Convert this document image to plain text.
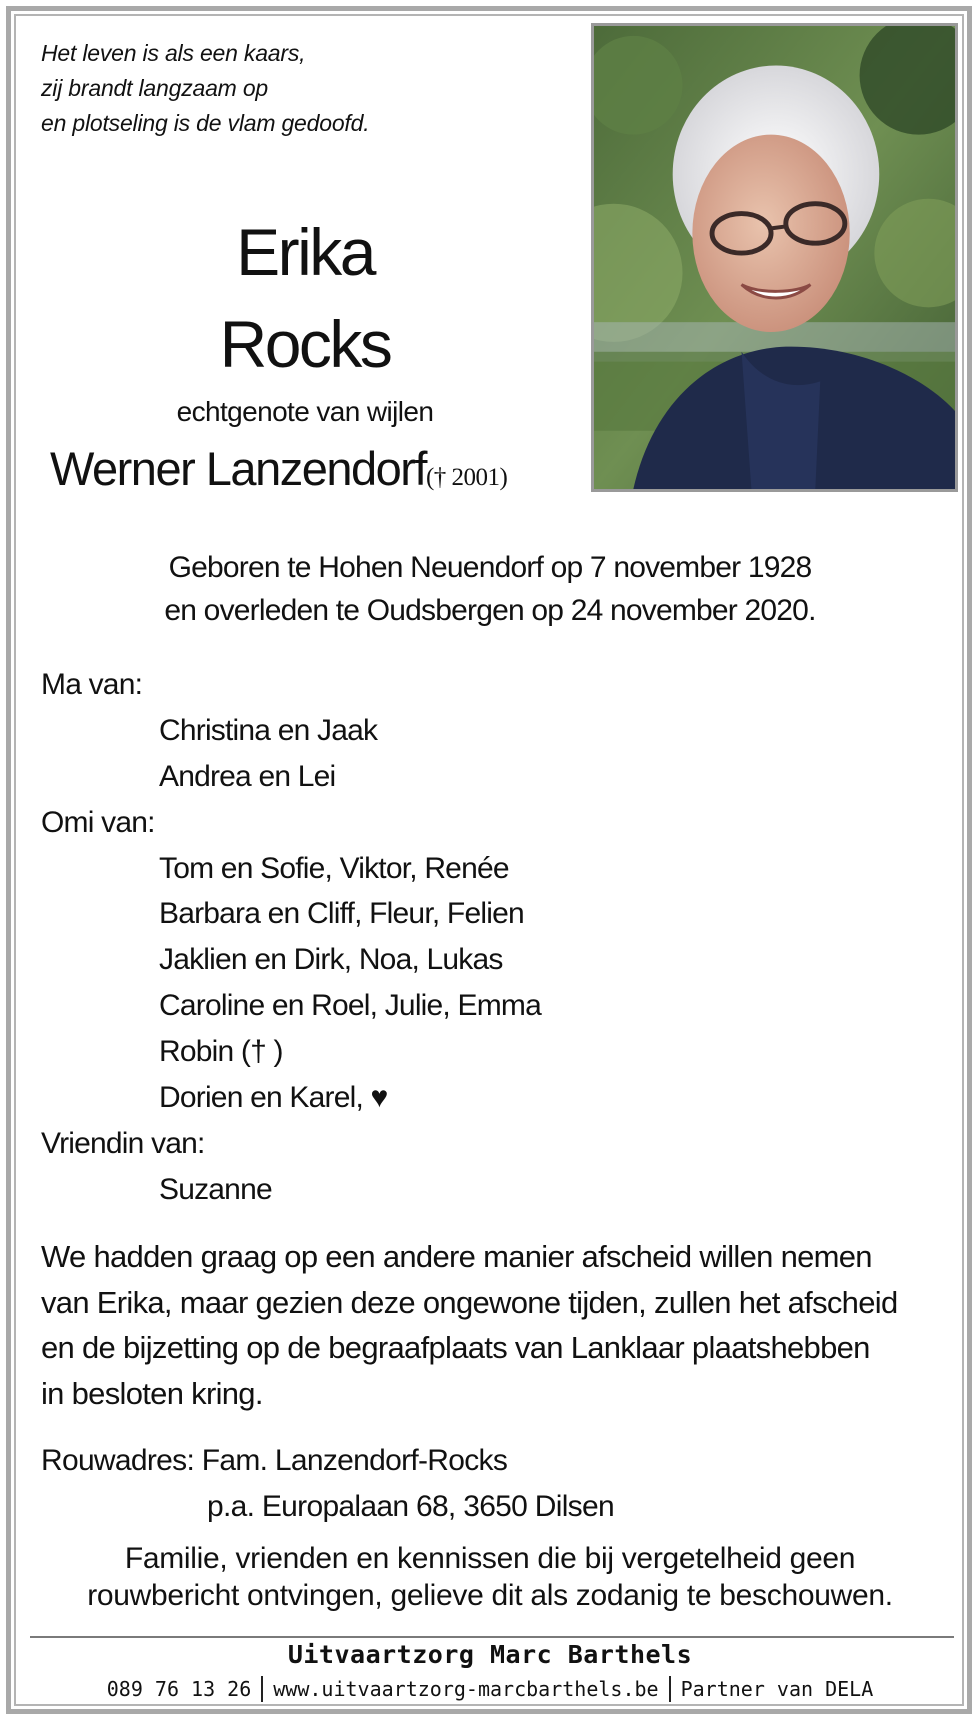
Het leven is als een kaars,
zij brandt langzaam op
en plotseling is de vlam gedoofd.
Erika
Rocks
echtgenote van wijlen
Werner Lanzendorf(† 2001)
Geboren te Hohen Neuendorf op 7 november 1928
en overleden te Oudsbergen op 24 november 2020.
Ma van:
Christina en Jaak
Andrea en Lei
Omi van:
Tom en Sofie, Viktor, Renée
Barbara en Cliff, Fleur, Felien
Jaklien en Dirk, Noa, Lukas
Caroline en Roel, Julie, Emma
Robin († )
Dorien en Karel, ♥
Vriendin van:
Suzanne
We hadden graag op een andere manier afscheid willen nemen
van Erika, maar gezien deze ongewone tijden, zullen het afscheid
en de bijzetting op de begraafplaats van Lanklaar plaatshebben
in besloten kring.
Rouwadres: Fam. Lanzendorf-Rocks
p.a. Europalaan 68, 3650 Dilsen
Familie, vrienden en kennissen die bij vergetelheid geen
rouwbericht ontvingen, gelieve dit als zodanig te beschouwen.
Uitvaartzorg Marc Barthels
089 76 13 26 www.uitvaartzorg-marcbarthels.be Partner van DELA
